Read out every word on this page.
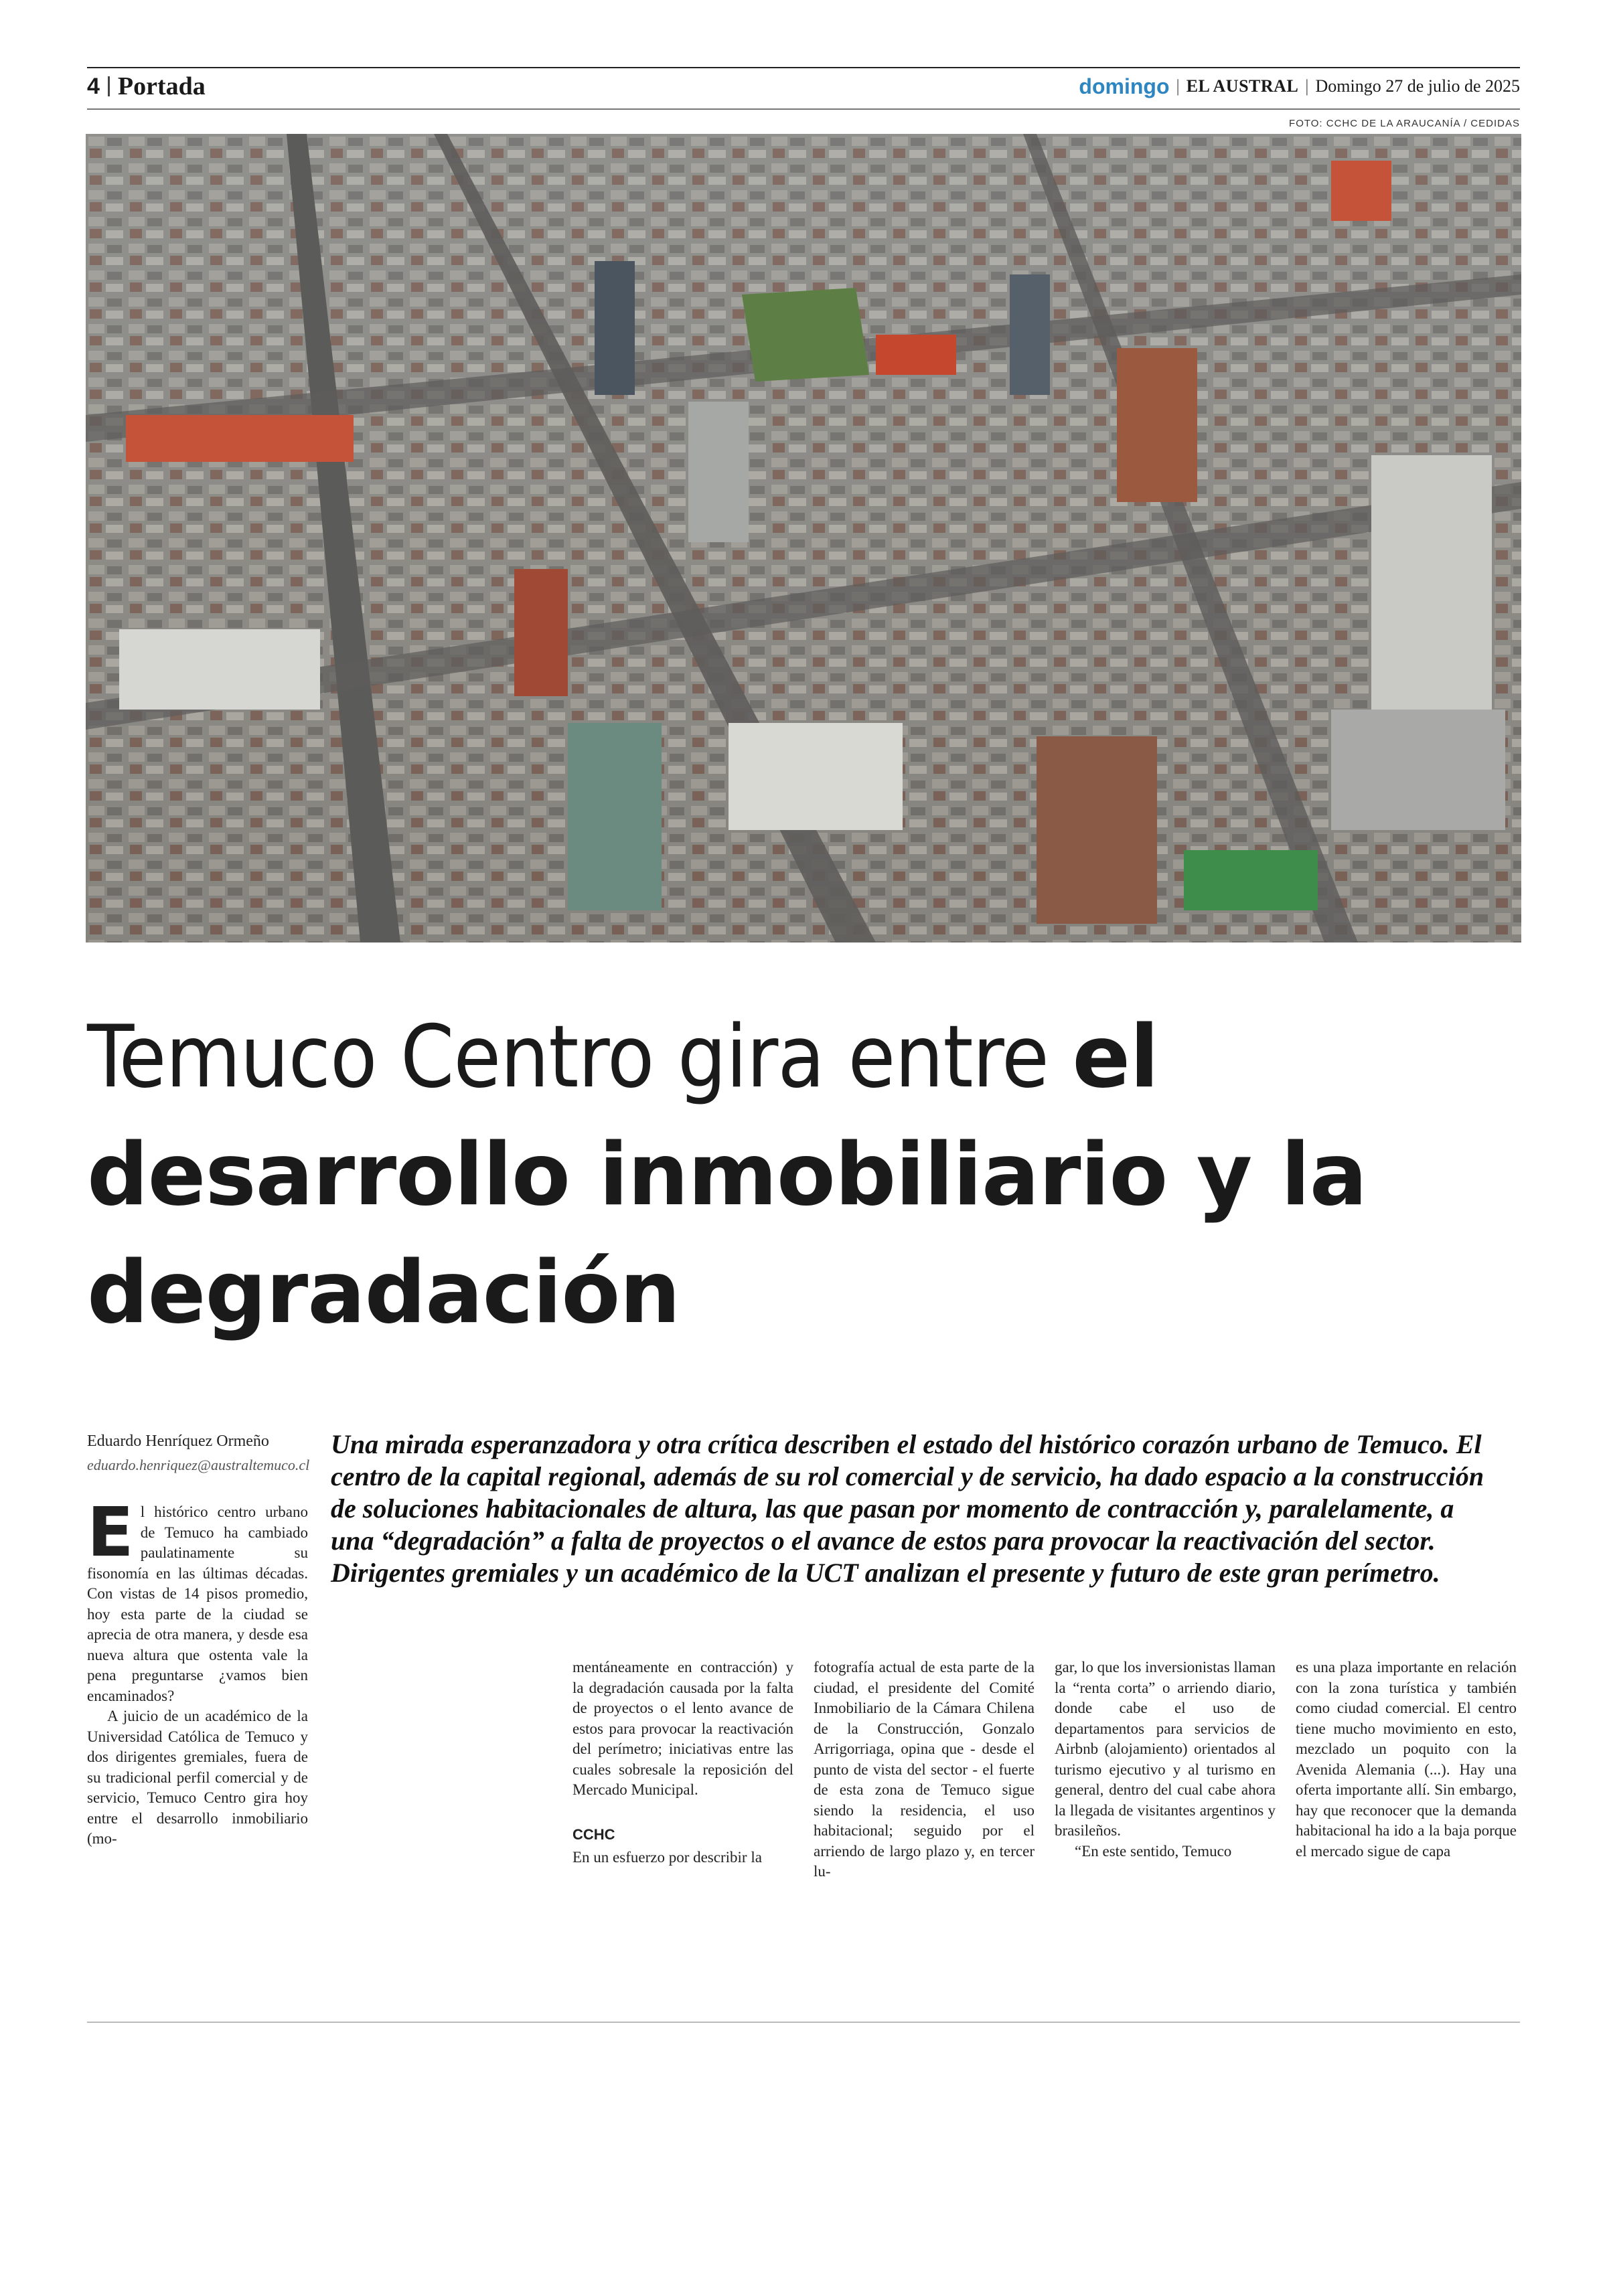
4 Portada	domingo | EL AUSTRAL | Domingo 27 de julio de 2025
FOTO: CCHC DE LA ARAUCANÍA / CEDIDAS
Temuco Centro gira entre el
desarrollo inmobiliario y la
degradación
Eduardo Henríquez Ormeño
eduardo.henriquez@australtemuco.cl

Una mirada esperanzadora y otra crítica describen el estado del histórico corazón urbano de Temuco. El centro de la capital regional, además de su rol comercial y de servicio, ha dado espacio a la construcción de soluciones habitacionales de altura, las que pasan por momento de contracción y, paralelamente, a una “degradación” a falta de proyectos o el avance de estos para provocar la reactivación del sector. Dirigentes gremiales y un académico de la UCT analizan el presente y futuro de este gran perímetro.

El histórico centro urbano de Temuco ha cambiado paulatinamente su fisonomía en las últimas décadas. Con vistas de 14 pisos promedio, hoy esta parte de la ciudad se aprecia de otra manera, y desde esa nueva altura que ostenta vale la pena preguntarse ¿vamos bien encaminados?

A juicio de un académico de la Universidad Católica de Temuco y dos dirigentes gremiales, fuera de su tradicional perfil comercial y de servicio, Temuco Centro gira hoy entre el desarrollo inmobiliario (mo-

mentáneamente en contracción) y la degradación causada por la falta de proyectos o el lento avance de estos para provocar la reactivación del perímetro; iniciativas entre las cuales sobresale la reposición del Mercado Municipal.

CCHC

En un esfuerzo por describir la

fotografía actual de esta parte de la ciudad, el presidente del Comité Inmobiliario de la Cámara Chilena de la Construcción, Gonzalo Arrigorriaga, opina que - desde el punto de vista del sector - el fuerte de esta zona de Temuco sigue siendo la residencia, el uso habitacional; seguido por el arriendo de largo plazo y, en tercer lu-

gar, lo que los inversionistas llaman la “renta corta” o arriendo diario, donde cabe el uso de departamentos para servicios de Airbnb (alojamiento) orientados al turismo ejecutivo y al turismo en general, dentro del cual cabe ahora la llegada de visitantes argentinos y brasileños.

“En este sentido, Temuco

es una plaza importante en relación con la zona turística y también como ciudad comercial. El centro tiene mucho movimiento en esto, mezclado un poquito con la Avenida Alemania (...). Hay una oferta importante allí. Sin embargo, hay que reconocer que la demanda habitacional ha ido a la baja porque el mercado sigue de capa
